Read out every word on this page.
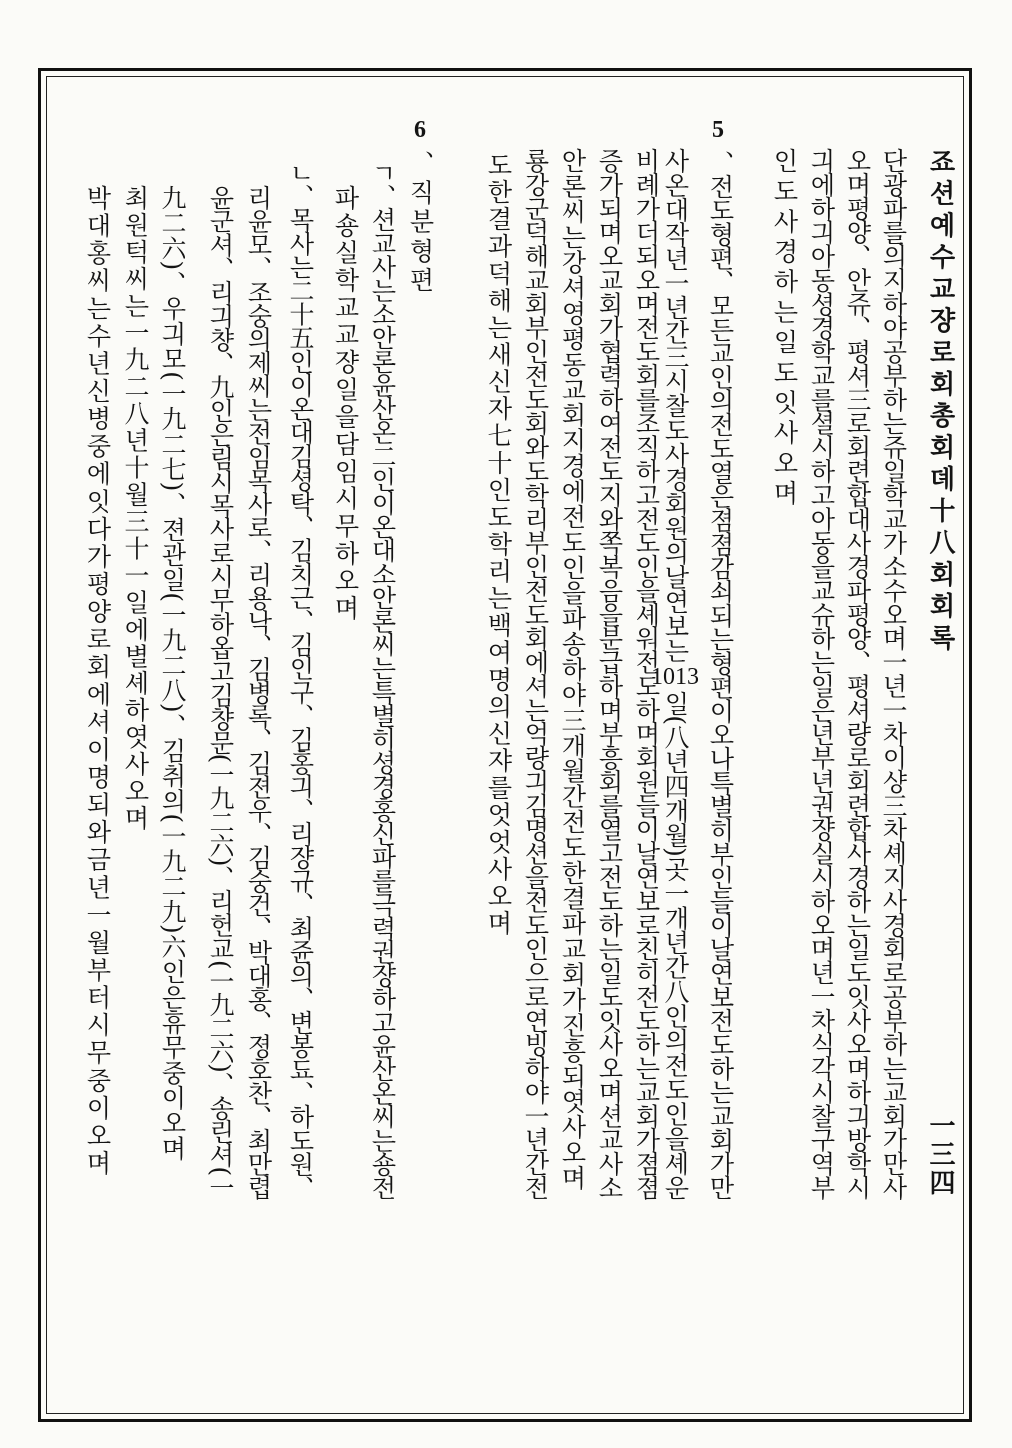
죠션예수교쟝로회총회뎨十八회회록
一三四
단광파를의지하야공부하는쥬일학교가소수오며一년一차이샹三차셰지사경회로공부하는교회가만사
오며평양、안쥬、평셔三로회련합대사경파평양、평셔량로회련합사경하는일도잇사오며하긔방학시
긔에하긔아동셩경학교를셜시하고아동을교슈하는일은년부년권쟝실시하오며년一차식각시찰구역부
인도사경하는일도잇사오며
5
、전도형편、모든교인의전도열은졈졈감쇠되는형편이오나특별히부인들이날연보전도하는교회가만
사온대작년一년간三시찰도사경회원의날연보는1013일(八년四개월)곳一개년간八인의전도인을셰운
비례가더되오며전도회를조직하고전도인을셰워전도하며회원들이날연보로친히전도하는교회가졈졈
증가되며오교회가협력하여전도지와쪽복음을분급하며부흥회를열고전도하는일도잇사오며션교사소
안론씨는강셔영평동교회지경에전도인을파송하야三개월간전도한결파교회가진흥되엿사오며
룡강군덕해교회부인전도회와도학리부인전도회에셔는억량긔김명션을전도인으로연빙하야一년간전
도한결과덕해는새신자七十인도학리는백여명의신쟈를엇엇사오며
6
、직분형편
ㄱ、션교사는소안론윤산온二인이온대소안론씨는특별히셩경홍신파를극력권쟝하고윤산온씨는숑전
파숑실학교교쟝일을담임시무하오며
ㄴ、목사는二十五인이온대김셩탁、김치근、김인구、김홍긔、리쟝규、최쥰의、변봉됴、하도원、
리윤모、조숭의제씨는전임목사로、리용낙、김병록、김젼우、김숭건、박대홍、졍호찬、최만렵
윤군셔、리긔챵、九인은림시목사로시무하옵고김챵문(一九二六)、리헌교(一九二六)、송린셔(一
九二六)、우긔모(一九二七)、젼관일(一九二八)、김취의(一九二九)六인은휴무중이오며
최원턱씨는一九二八년十월三十一일에별셰하엿사오며
박대홍씨는수년신병중에잇다가평양로회에셔이명되와금년一월부터시무중이오며
